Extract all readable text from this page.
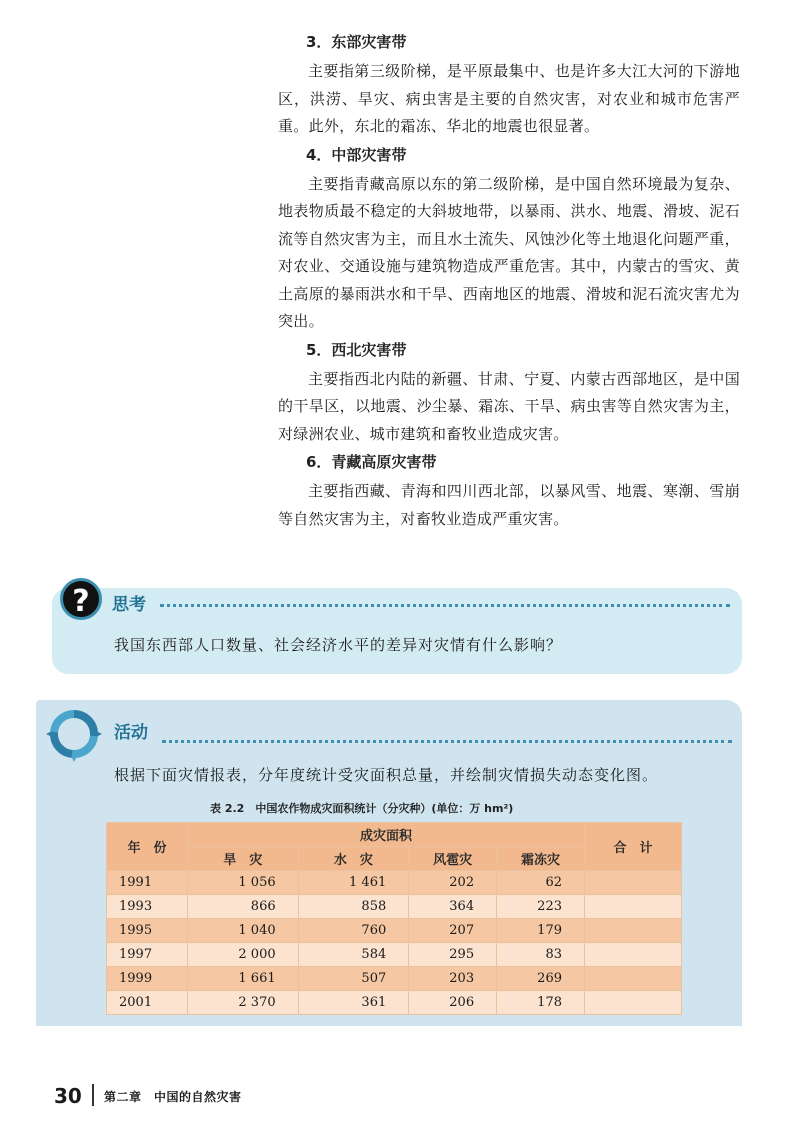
3．东部灾害带

主要指第三级阶梯，是平原最集中、也是许多大江大河的下游地区，洪涝、旱灾、病虫害是主要的自然灾害，对农业和城市危害严重。此外，东北的霜冻、华北的地震也很显著。

4．中部灾害带

主要指青藏高原以东的第二级阶梯，是中国自然环境最为复杂、地表物质最不稳定的大斜坡地带，以暴雨、洪水、地震、滑坡、泥石流等自然灾害为主，而且水土流失、风蚀沙化等土地退化问题严重，对农业、交通设施与建筑物造成严重危害。其中，内蒙古的雪灾、黄土高原的暴雨洪水和干旱、西南地区的地震、滑坡和泥石流灾害尤为突出。

5．西北灾害带

主要指西北内陆的新疆、甘肃、宁夏、内蒙古西部地区，是中国的干旱区，以地震、沙尘暴、霜冻、干旱、病虫害等自然灾害为主，对绿洲农业、城市建筑和畜牧业造成灾害。

6．青藏高原灾害带

主要指西藏、青海和四川西北部，以暴风雪、地震、寒潮、雪崩等自然灾害为主，对畜牧业造成严重灾害。

?	思考
我国东西部人口数量、社会经济水平的差异对灾情有什么影响？
活动
根据下面灾情报表，分年度统计受灾面积总量，并绘制灾情损失动态变化图。
表 2.2　中国农作物成灾面积统计（分灾种）(单位：万 hm²)
年　份	成灾面积				合　计
	旱　灾	水　灾	风雹灾	霜冻灾	
1991	1 056	1 461	202	62	
1993	866	858	364	223	
1995	1 040	760	207	179	
1997	2 000	584	295	83	
1999	1 661	507	203	269	
2001	2 370	361	206	178	
30 第二章　中国的自然灾害
